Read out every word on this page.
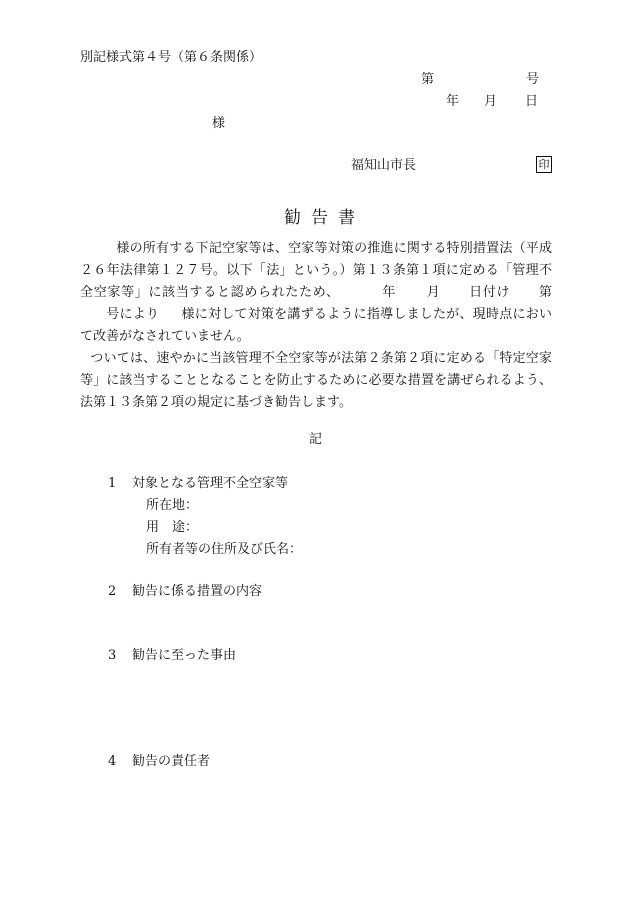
別記様式第４号（第６条関係）
第	号
年 月 日
様
福知山市長	印
勧告書
様の所有する下記空家等は、空家等対策の推進に関する特別措置法（平成２６年法律第１２７号。以下「法」という。）第１３条第１項に定める「管理不全空家等」に該当すると認められたため、	年 月 日付け 第号により 様に対して対策を講ずるように指導しましたが、現時点において改善がなされていません。
ついては、速やかに当該管理不全空家等が法第２条第２項に定める「特定空家等」に該当することとなることを防止するために必要な措置を講ぜられるよう、法第１３条第２項の規定に基づき勧告します。
記
1 対象となる管理不全空家等
所在地：
用　途：
所有者等の住所及び氏名：
2 勧告に係る措置の内容
3 勧告に至った事由
4 勧告の責任者
